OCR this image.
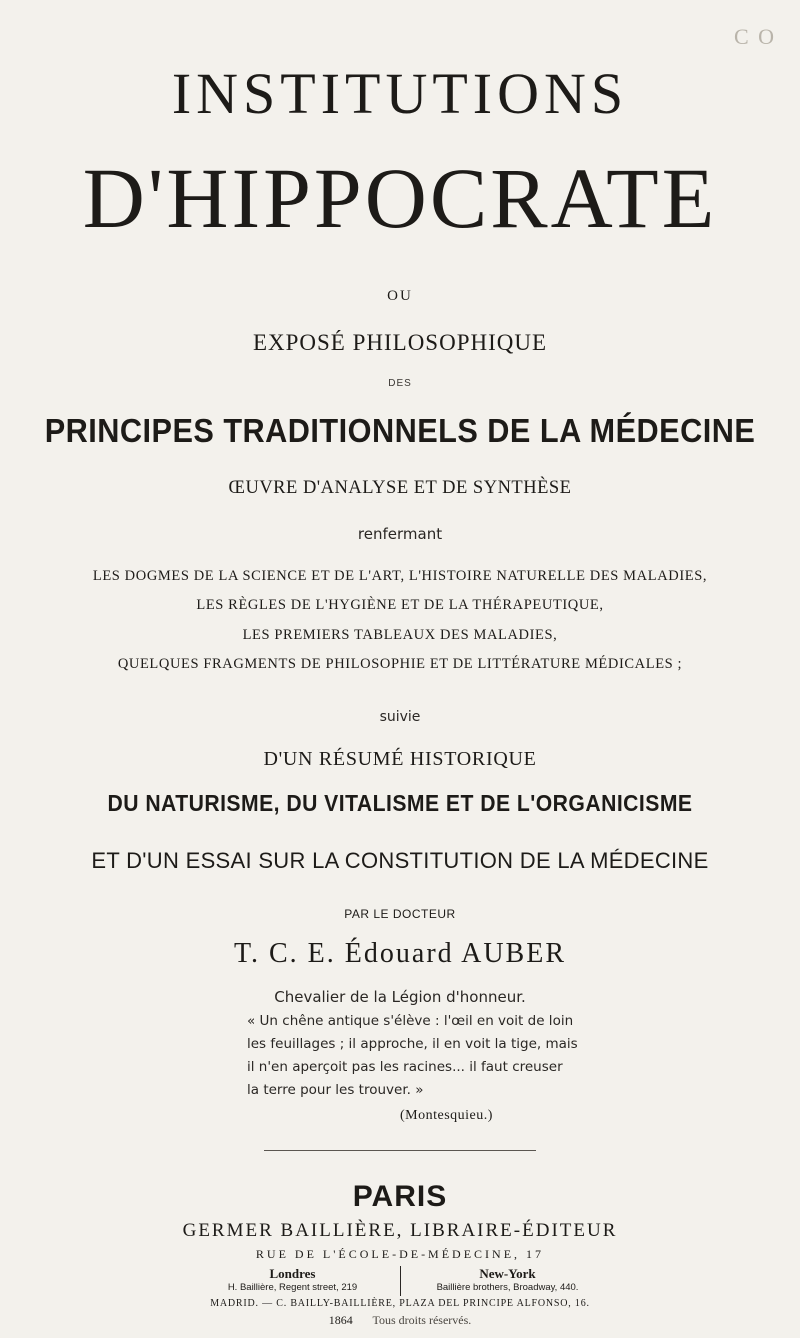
C O
INSTITUTIONS
D'HIPPOCRATE
OU
EXPOSÉ PHILOSOPHIQUE
DES
PRINCIPES TRADITIONNELS DE LA MÉDECINE
ŒUVRE D'ANALYSE ET DE SYNTHÈSE
renfermant
LES DOGMES DE LA SCIENCE ET DE L'ART, L'HISTOIRE NATURELLE DES MALADIES,
LES RÈGLES DE L'HYGIÈNE ET DE LA THÉRAPEUTIQUE,
LES PREMIERS TABLEAUX DES MALADIES,
QUELQUES FRAGMENTS DE PHILOSOPHIE ET DE LITTÉRATURE MÉDICALES ;
suivie
D'UN RÉSUMÉ HISTORIQUE
DU NATURISME, DU VITALISME ET DE L'ORGANICISME
ET D'UN ESSAI SUR LA CONSTITUTION DE LA MÉDECINE
PAR LE DOCTEUR
T. C. E. Édouard AUBER
Chevalier de la Légion d'honneur.
« Un chêne antique s'élève : l'œil en voit de loin
les feuillages ; il approche, il en voit la tige, mais
il n'en aperçoit pas les racines... il faut creuser
la terre pour les trouver. »
(Montesquieu.)
PARIS
GERMER BAILLIÈRE, LIBRAIRE-ÉDITEUR
RUE DE L'ÉCOLE-DE-MÉDECINE, 17
Londres
H. Baillière, Regent street, 219
New-York
Baillière brothers, Broadway, 440.
MADRID. — C. BAILLY-BAILLIÈRE, PLAZA DEL PRINCIPE ALFONSO, 16.
1864 Tous droits réservés.
